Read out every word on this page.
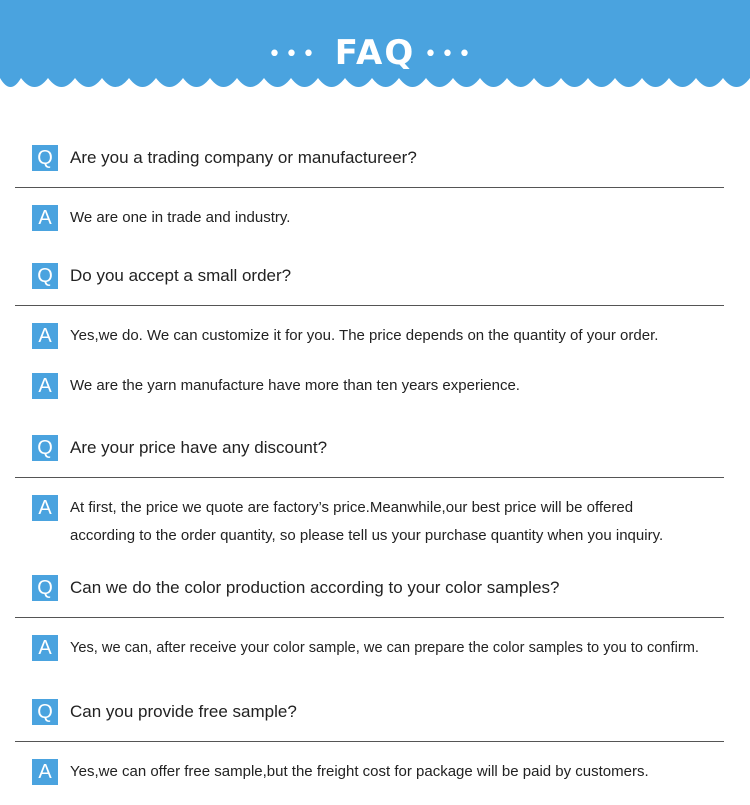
••• FAQ •••
Q	Are you a trading company or manufactureer?
A	We are one in trade and industry.
Q	Do you accept a small order?
A	Yes,we do. We can customize it for you. The price depends on the quantity of your order.
A	We are the yarn manufacture have more than ten years experience.
Q	Are your price have any discount?
A	At first, the price we quote are factory’s price.Meanwhile,our best price will be offered
according to the order quantity, so please tell us your purchase quantity when you inquiry.
Q	Can we do the color production according to your color samples?
A	Yes, we can, after receive your color sample, we can prepare the color samples to you to confirm.
Q	Can you provide free sample?
A	Yes,we can offer free sample,but the freight cost for package will be paid by customers.
